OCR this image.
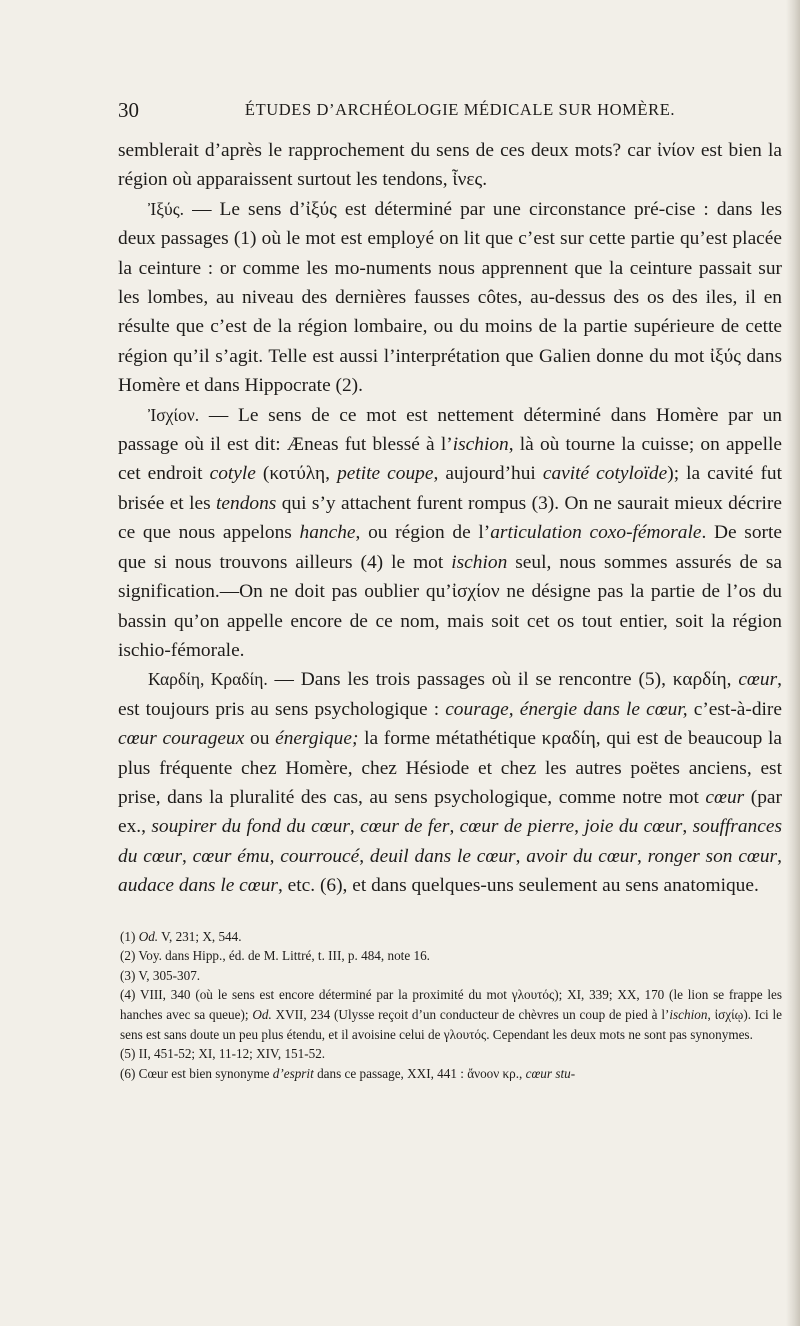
30	ÉTUDES D’ARCHÉOLOGIE MÉDICALE SUR HOMÈRE.

semblerait d’après le rapprochement du sens de ces deux mots? car ἰνίον est bien la région où apparaissent surtout les tendons, ἶνες.

Ἰξύς. — Le sens d’ἰξύς est déterminé par une circonstance pré-cise : dans les deux passages (1) où le mot est employé on lit que c’est sur cette partie qu’est placée la ceinture : or comme les mo-numents nous apprennent que la ceinture passait sur les lombes, au niveau des dernières fausses côtes, au-dessus des os des iles, il en résulte que c’est de la région lombaire, ou du moins de la partie supérieure de cette région qu’il s’agit. Telle est aussi l’interprétation que Galien donne du mot ἰξύς dans Homère et dans Hippocrate (2).

Ἰσχίον. — Le sens de ce mot est nettement déterminé dans Homère par un passage où il est dit: Æneas fut blessé à l’ischion, là où tourne la cuisse; on appelle cet endroit cotyle (κοτύλη, petite coupe, aujourd’hui cavité cotyloïde); la cavité fut brisée et les tendons qui s’y attachent furent rompus (3). On ne saurait mieux décrire ce que nous appelons hanche, ou région de l’articulation coxo-fémorale. De sorte que si nous trouvons ailleurs (4) le mot ischion seul, nous sommes assurés de sa signification.—On ne doit pas oublier qu’ἰσχίον ne désigne pas la partie de l’os du bassin qu’on appelle encore de ce nom, mais soit cet os tout entier, soit la région ischio-fémorale.

Καρδίη, Κραδίη. — Dans les trois passages où il se rencontre (5), καρδίη, cœur, est toujours pris au sens psychologique : courage, énergie dans le cœur, c’est-à-dire cœur courageux ou énergique; la forme métathétique κραδίη, qui est de beaucoup la plus fréquente chez Homère, chez Hésiode et chez les autres poëtes anciens, est prise, dans la pluralité des cas, au sens psychologique, comme notre mot cœur (par ex., soupirer du fond du cœur, cœur de fer, cœur de pierre, joie du cœur, souffrances du cœur, cœur ému, courroucé, deuil dans le cœur, avoir du cœur, ronger son cœur, audace dans le cœur, etc. (6), et dans quelques-uns seulement au sens anatomique.

(1) Od. V, 231; X, 544.

(2) Voy. dans Hipp., éd. de M. Littré, t. III, p. 484, note 16.

(3) V, 305-307.

(4) VIII, 340 (où le sens est encore déterminé par la proximité du mot γλουτός); XI, 339; XX, 170 (le lion se frappe les hanches avec sa queue); Od. XVII, 234 (Ulysse reçoit d’un conducteur de chèvres un coup de pied à l’ischion, ἰσχίῳ). Ici le sens est sans doute un peu plus étendu, et il avoisine celui de γλουτός. Cependant les deux mots ne sont pas synonymes.

(5) II, 451-52; XI, 11-12; XIV, 151-52.

(6) Cœur est bien synonyme d’esprit dans ce passage, XXI, 441 : ἄνοον κρ., cœur stu-
